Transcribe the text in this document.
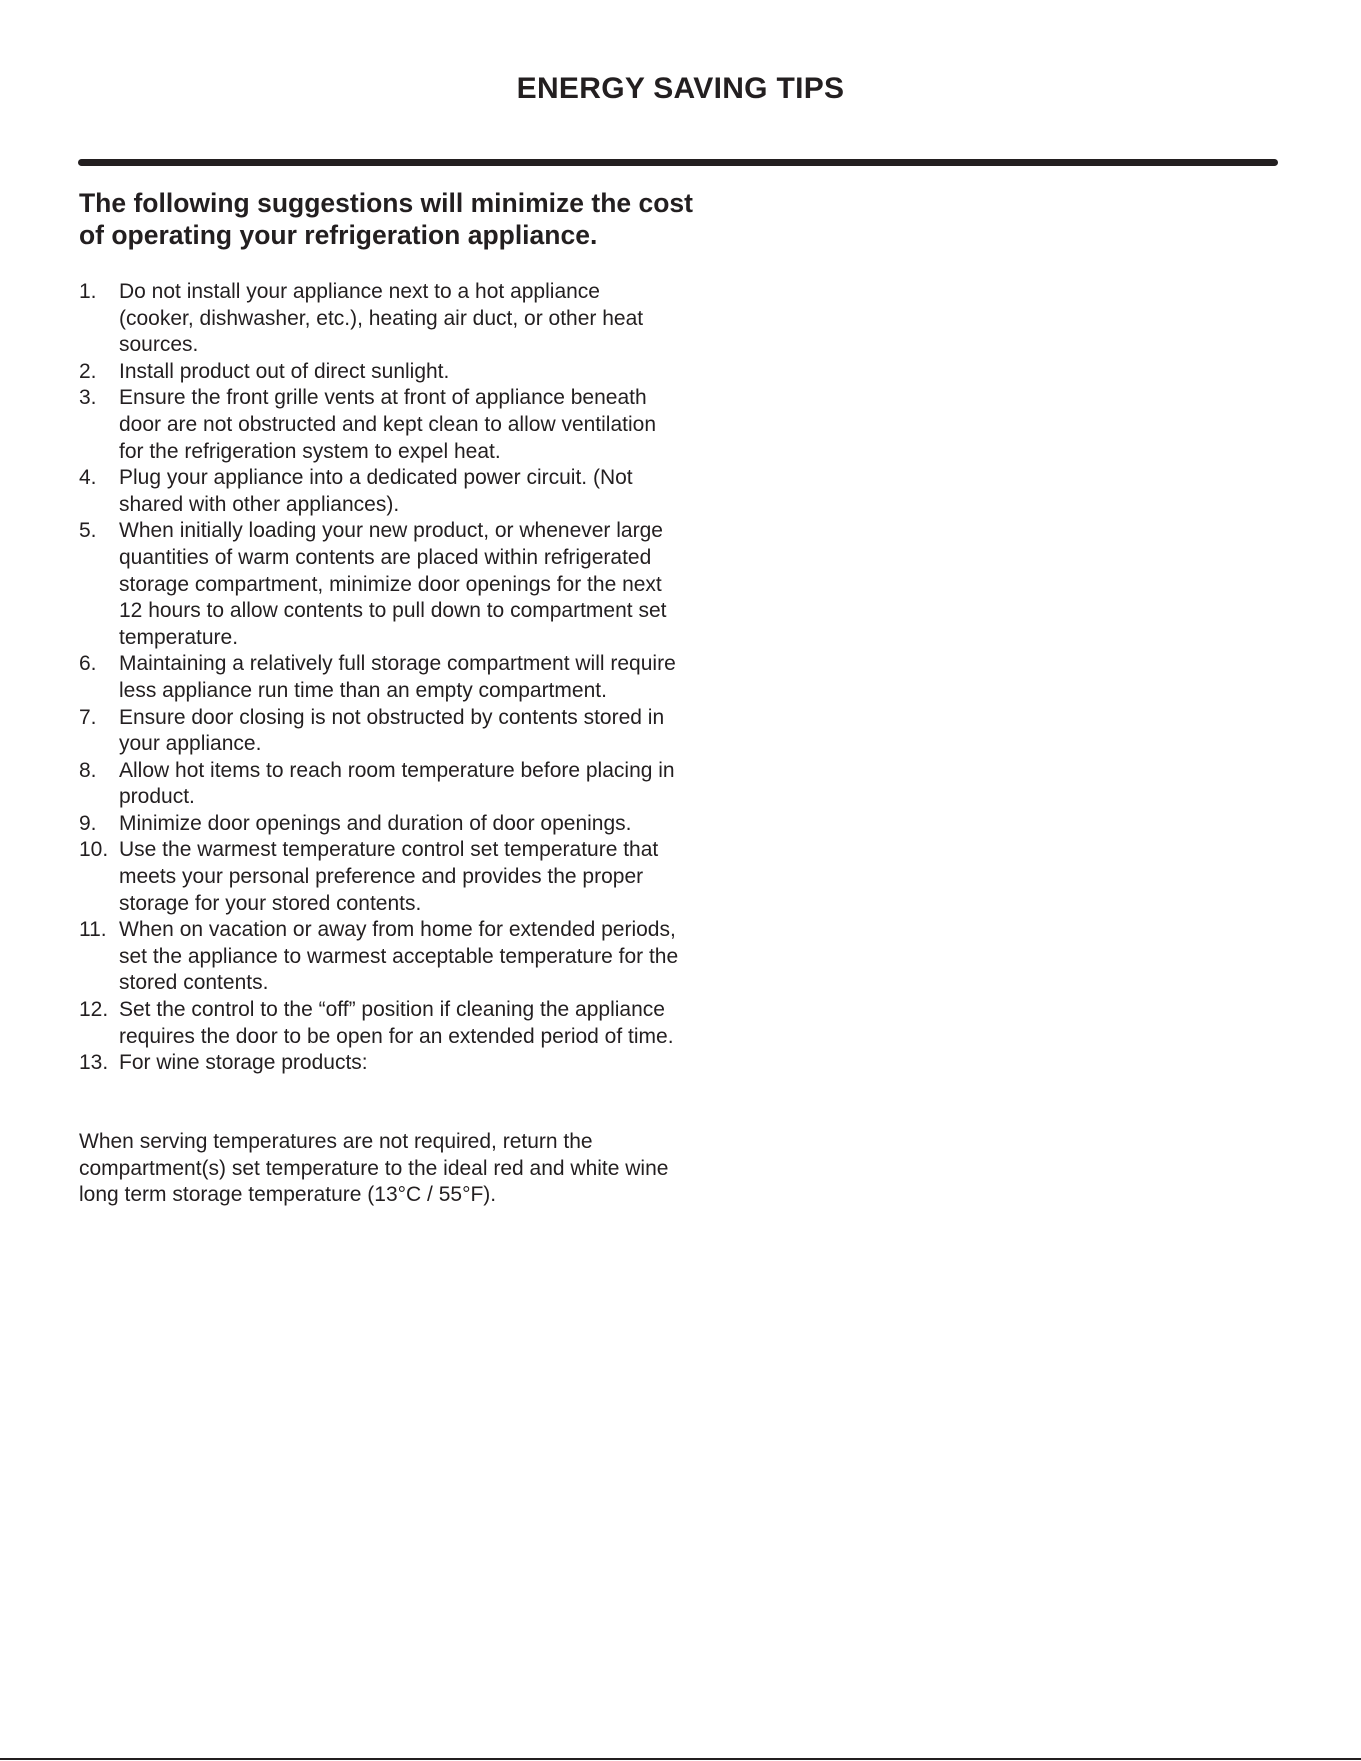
ENERGY SAVING TIPS

The following suggestions will minimize the cost of operating your refrigeration appliance.

1.	Do not install your appliance next to a hot appliance (cooker, dishwasher, etc.), heating air duct, or other heat sources.
2.	Install product out of direct sunlight.
3.	Ensure the front grille vents at front of appliance beneath door are not obstructed and kept clean to allow ventilation for the refrigeration system to expel heat.
4.	Plug your appliance into a dedicated power circuit. (Not shared with other appliances).
5.	When initially loading your new product, or whenever large quantities of warm contents are placed within refrigerated storage compartment, minimize door openings for the next 12 hours to allow contents to pull down to compartment set temperature.
6.	Maintaining a relatively full storage compartment will require less appliance run time than an empty compartment.
7.	Ensure door closing is not obstructed by contents stored in your appliance.
8.	Allow hot items to reach room temperature before placing in product.
9.	Minimize door openings and duration of door openings.
10. Use the warmest temperature control set temperature that meets your personal preference and provides the proper storage for your stored contents.
11. When on vacation or away from home for extended periods, set the appliance to warmest acceptable temperature for the stored contents.
12. Set the control to the “off” position if cleaning the appliance requires the door to be open for an extended period of time.
13. For wine storage products:

When serving temperatures are not required, return the compartment(s) set temperature to the ideal red and white wine long term storage temperature (13°C / 55°F).
